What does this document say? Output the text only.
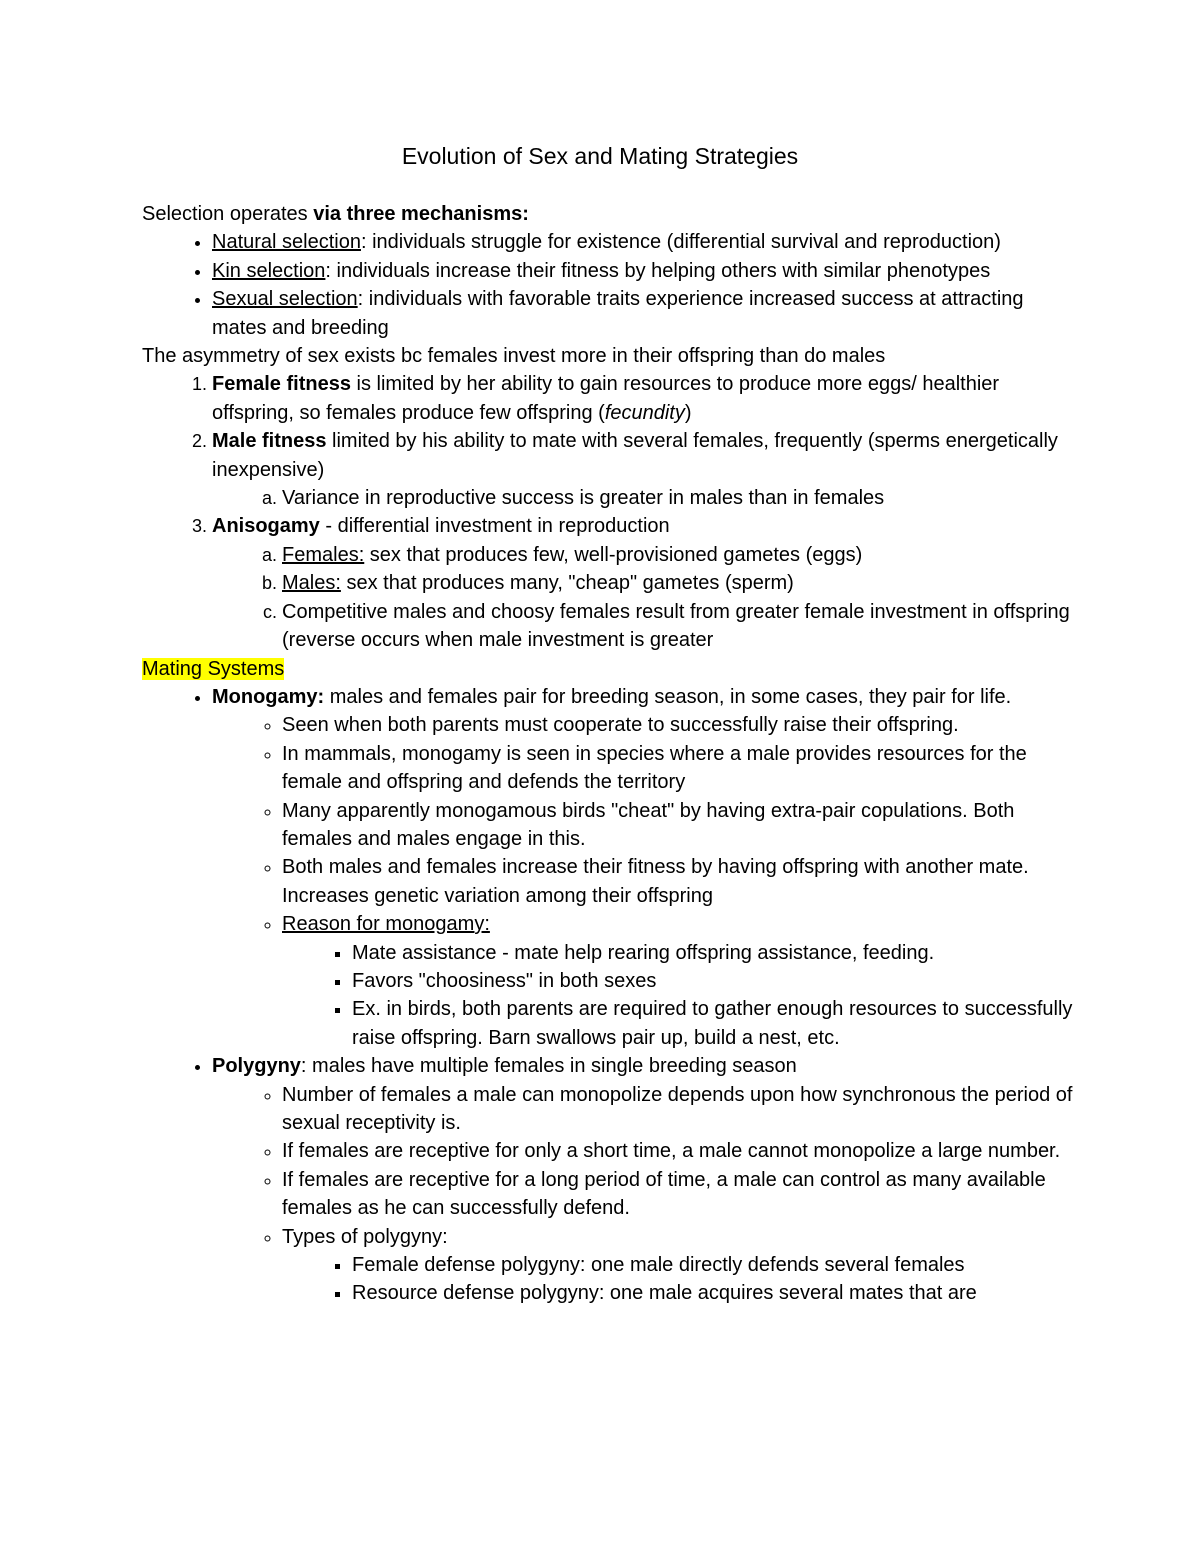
Evolution of Sex and Mating Strategies

Selection operates via three mechanisms:

• Natural selection: individuals struggle for existence (differential survival and reproduction)
• Kin selection: individuals increase their fitness by helping others with similar phenotypes
• Sexual selection: individuals with favorable traits experience increased success at attracting mates and breeding

The asymmetry of sex exists bc females invest more in their offspring than do males

1. Female fitness is limited by her ability to gain resources to produce more eggs/ healthier offspring, so females produce few offspring (fecundity)
2. Male fitness limited by his ability to mate with several females, frequently (sperms energetically inexpensive)
a. Variance in reproductive success is greater in males than in females
3. Anisogamy - differential investment in reproduction
a. Females: sex that produces few, well-provisioned gametes (eggs)
b. Males: sex that produces many, "cheap" gametes (sperm)
c. Competitive males and choosy females result from greater female investment in offspring (reverse occurs when male investment is greater

Mating Systems

• Monogamy: males and females pair for breeding season, in some cases, they pair for life.
◦ Seen when both parents must cooperate to successfully raise their offspring.
◦ In mammals, monogamy is seen in species where a male provides resources for the female and offspring and defends the territory
◦ Many apparently monogamous birds "cheat" by having extra-pair copulations. Both females and males engage in this.
◦ Both males and females increase their fitness by having offspring with another mate. Increases genetic variation among their offspring
◦ Reason for monogamy:
▪ Mate assistance - mate help rearing offspring assistance, feeding.
▪ Favors "choosiness" in both sexes
▪ Ex. in birds, both parents are required to gather enough resources to successfully raise offspring. Barn swallows pair up, build a nest, etc.
• Polygyny: males have multiple females in single breeding season
◦ Number of females a male can monopolize depends upon how synchronous the period of sexual receptivity is.
◦ If females are receptive for only a short time, a male cannot monopolize a large number.
◦ If females are receptive for a long period of time, a male can control as many available females as he can successfully defend.
◦ Types of polygyny:
▪ Female defense polygyny: one male directly defends several females
▪ Resource defense polygyny: one male acquires several mates that are
